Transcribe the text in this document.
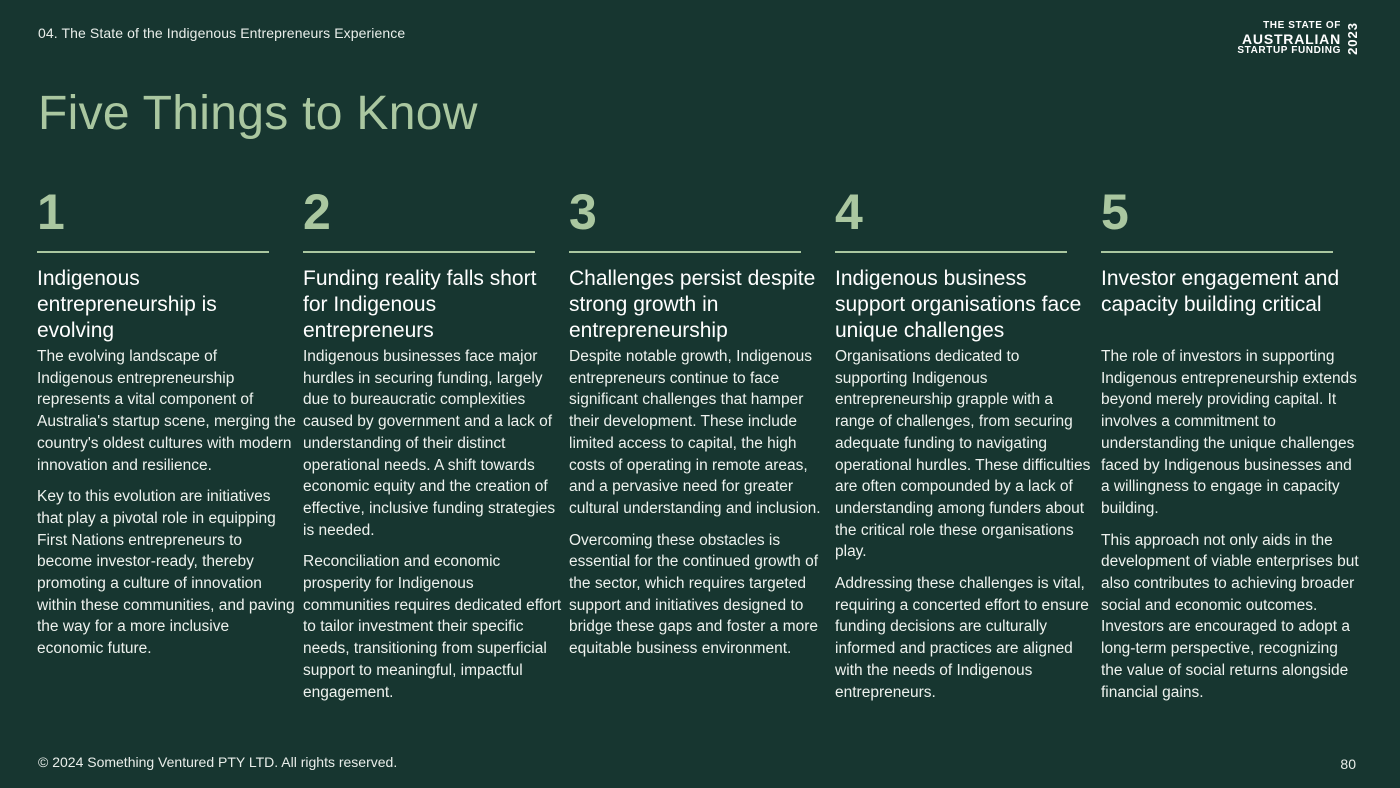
04. The State of the Indigenous Entrepreneurs Experience	THE STATE OF
AUSTRALIAN
STARTUP FUNDING 2023
Five Things to Know
1
Indigenous entrepreneurship is evolving

The evolving landscape of Indigenous entrepreneurship represents a vital component of Australia's startup scene, merging the country's oldest cultures with modern innovation and resilience.

Key to this evolution are initiatives that play a pivotal role in equipping First Nations entrepreneurs to become investor-ready, thereby promoting a culture of innovation within these communities, and paving the way for a more inclusive economic future.

2
Funding reality falls short for Indigenous entrepreneurs

Indigenous businesses face major hurdles in securing funding, largely due to bureaucratic complexities caused by government and a lack of understanding of their distinct operational needs. A shift towards economic equity and the creation of effective, inclusive funding strategies is needed.

Reconciliation and economic prosperity for Indigenous communities requires dedicated effort to tailor investment their specific needs, transitioning from superficial support to meaningful, impactful engagement.

3
Challenges persist despite strong growth in entrepreneurship

Despite notable growth, Indigenous entrepreneurs continue to face significant challenges that hamper their development. These include limited access to capital, the high costs of operating in remote areas, and a pervasive need for greater cultural understanding and inclusion.

Overcoming these obstacles is essential for the continued growth of the sector, which requires targeted support and initiatives designed to bridge these gaps and foster a more equitable business environment.

4
Indigenous business support organisations face unique challenges

Organisations dedicated to supporting Indigenous entrepreneurship grapple with a range of challenges, from securing adequate funding to navigating operational hurdles. These difficulties are often compounded by a lack of understanding among funders about the critical role these organisations play.

Addressing these challenges is vital, requiring a concerted effort to ensure funding decisions are culturally informed and practices are aligned with the needs of Indigenous entrepreneurs.

5
Investor engagement and capacity building critical

The role of investors in supporting Indigenous entrepreneurship extends beyond merely providing capital. It involves a commitment to understanding the unique challenges faced by Indigenous businesses and a willingness to engage in capacity building.

This approach not only aids in the development of viable enterprises but also contributes to achieving broader social and economic outcomes. Investors are encouraged to adopt a long-term perspective, recognizing the value of social returns alongside financial gains.

© 2024 Something Ventured PTY LTD. All rights reserved.	80
